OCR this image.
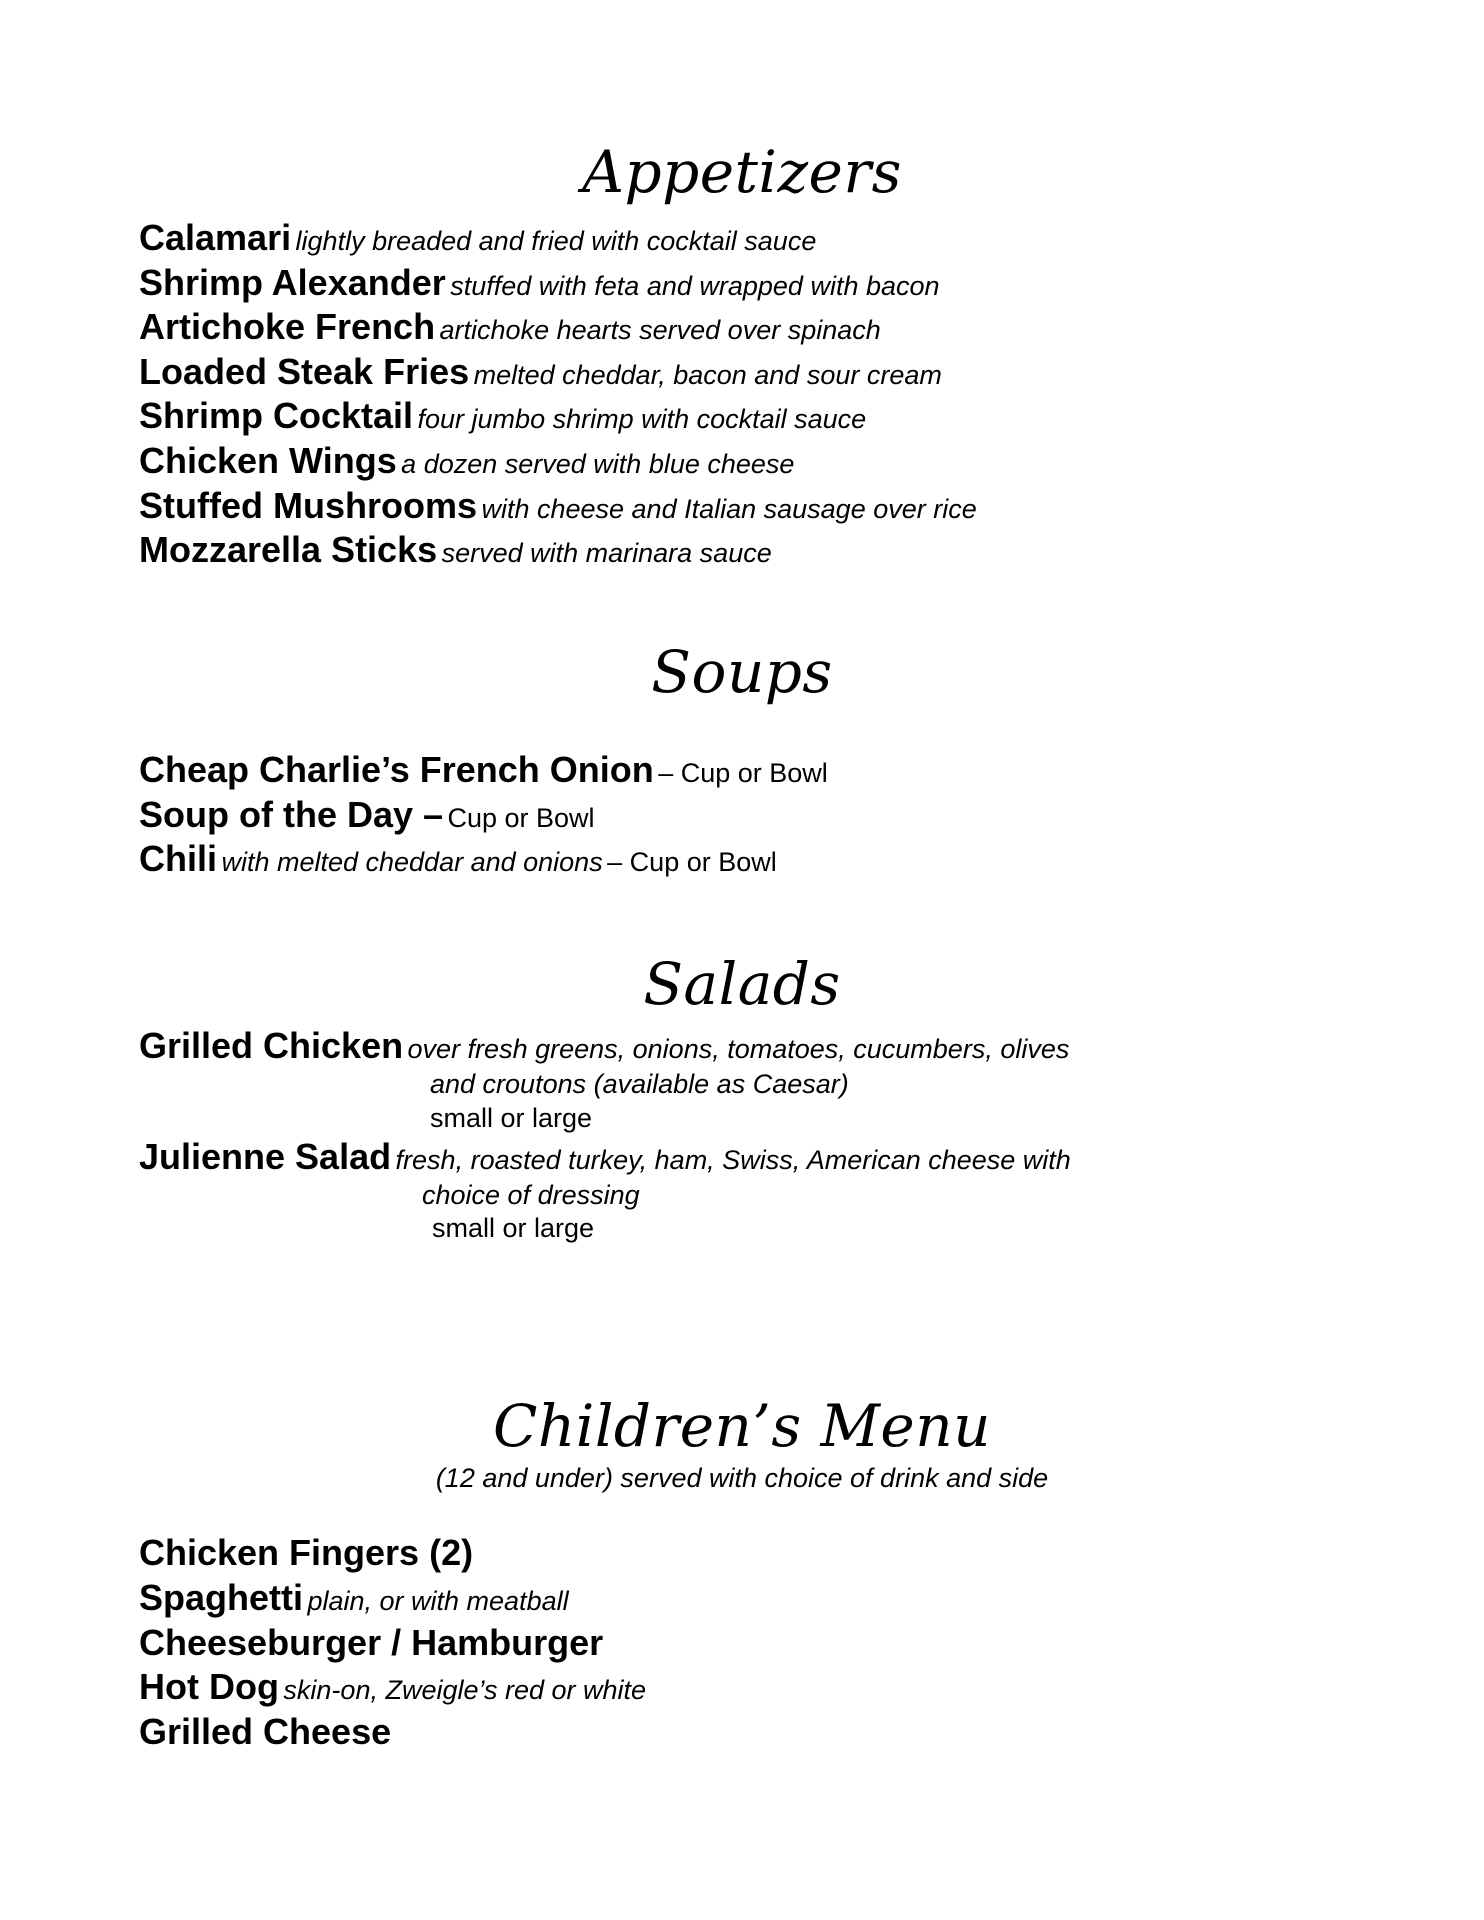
Appetizers
Calamari lightly breaded and fried with cocktail sauce
Shrimp Alexander stuffed with feta and wrapped with bacon
Artichoke French artichoke hearts served over spinach
Loaded Steak Fries melted cheddar, bacon and sour cream
Shrimp Cocktail four jumbo shrimp with cocktail sauce
Chicken Wings a dozen served with blue cheese
Stuffed Mushrooms with cheese and Italian sausage over rice
Mozzarella Sticks served with marinara sauce
Soups
Cheap Charlie’s French Onion – Cup or Bowl
Soup of the Day – Cup or Bowl
Chili with melted cheddar and onions – Cup or Bowl
Salads
Grilled Chicken over fresh greens, onions, tomatoes, cucumbers, olives
and croutons (available as Caesar)
small or large
Julienne Salad fresh, roasted turkey, ham, Swiss, American cheese with
choice of dressing
small or large
Children’s Menu
(12 and under) served with choice of drink and side
Chicken Fingers (2)
Spaghetti plain, or with meatball
Cheeseburger / Hamburger
Hot Dog skin-on, Zweigle’s red or white
Grilled Cheese
